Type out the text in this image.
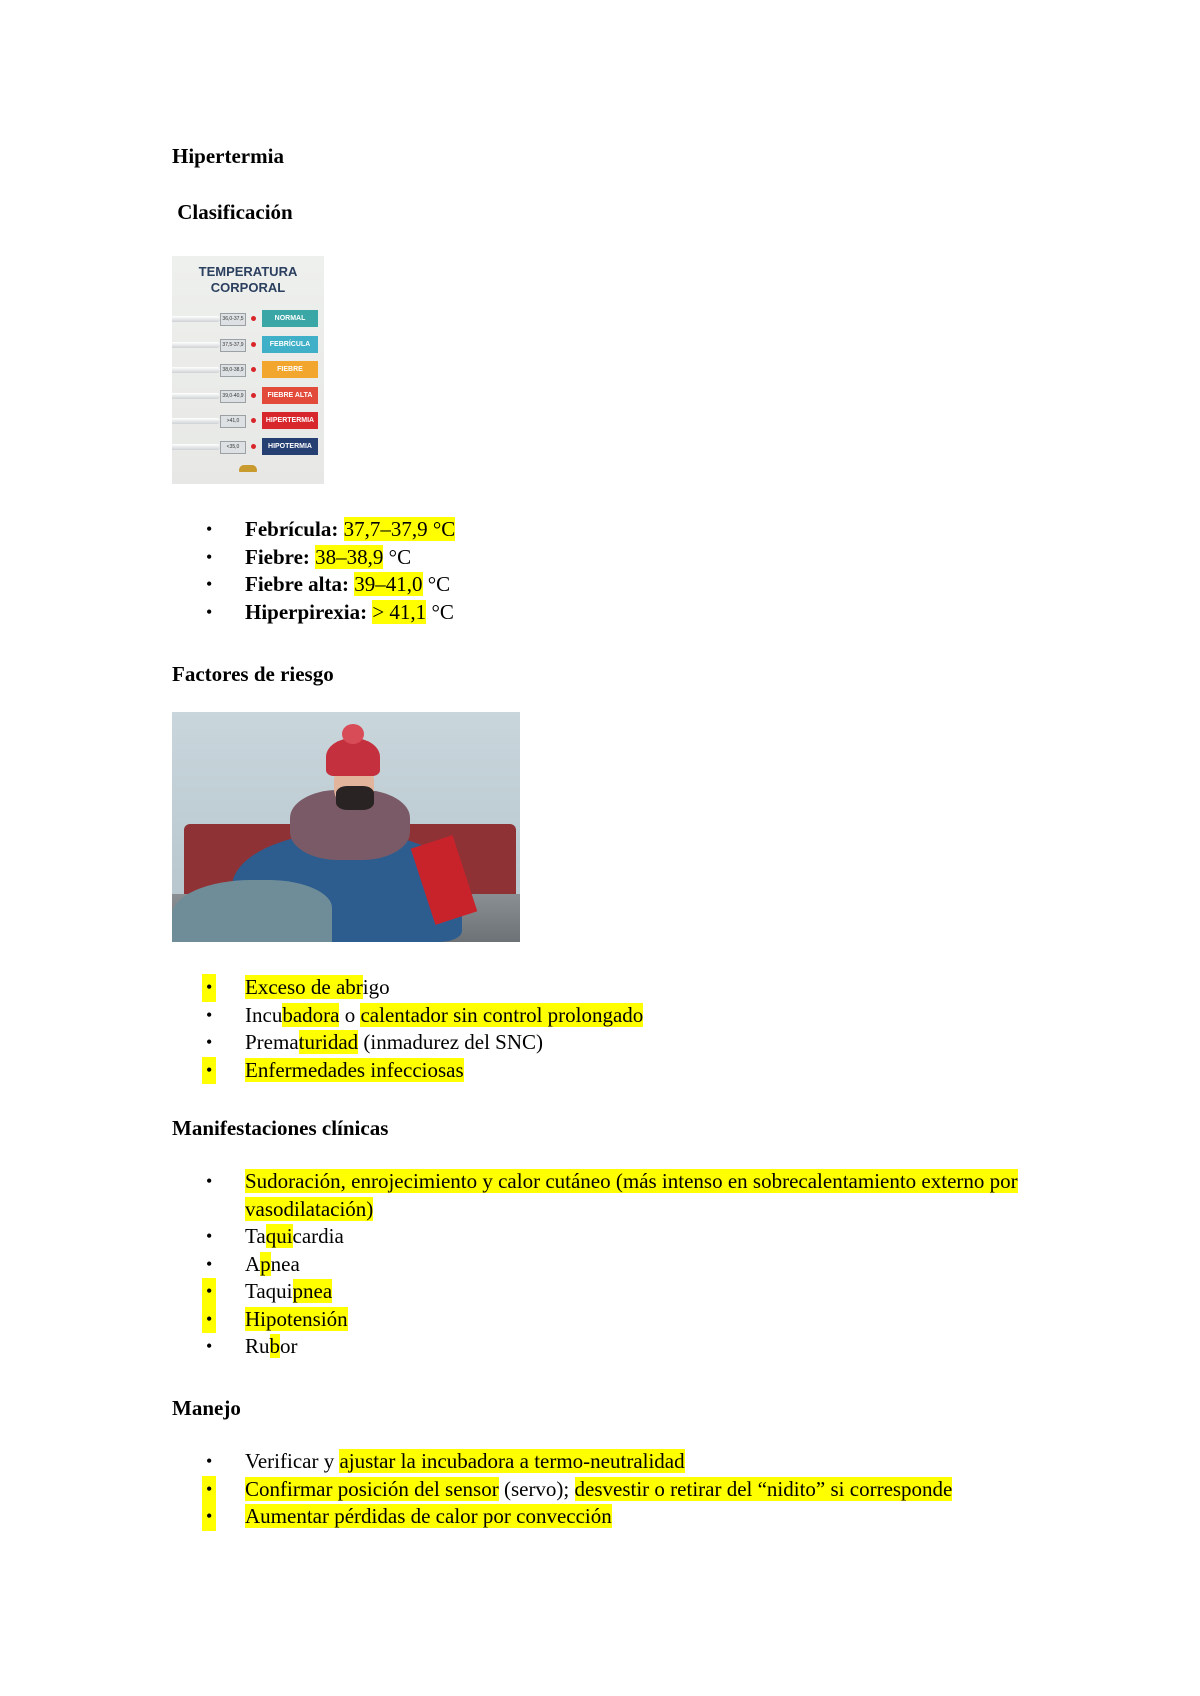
Hipertermia
Clasificación
TEMPERATURA CORPORAL
36,0-37,5	NORMAL
37,5-37,9	FEBRÍCULA
38,0-38,9	FIEBRE
39,0-40,9	FIEBRE ALTA
>41,0	HIPERTERMIA
<35,0	HIPOTERMIA
• Febrícula: 37,7–37,9 °C
• Fiebre: 38–38,9 °C
• Fiebre alta: 39–41,0 °C
• Hiperpirexia: > 41,1 °C
Factores de riesgo
• Exceso de abrigo
• Incubadora o calentador sin control prolongado
• Prematuridad (inmadurez del SNC)
• Enfermedades infecciosas
Manifestaciones clínicas
• Sudoración, enrojecimiento y calor cutáneo (más intenso en sobrecalentamiento externo por vasodilatación)
• Taquicardia
• Apnea
• Taquipnea
• Hipotensión
• Rubor
Manejo
• Verificar y ajustar la incubadora a termo-neutralidad
• Confirmar posición del sensor (servo); desvestir o retirar del “nidito” si corresponde
• Aumentar pérdidas de calor por convección
